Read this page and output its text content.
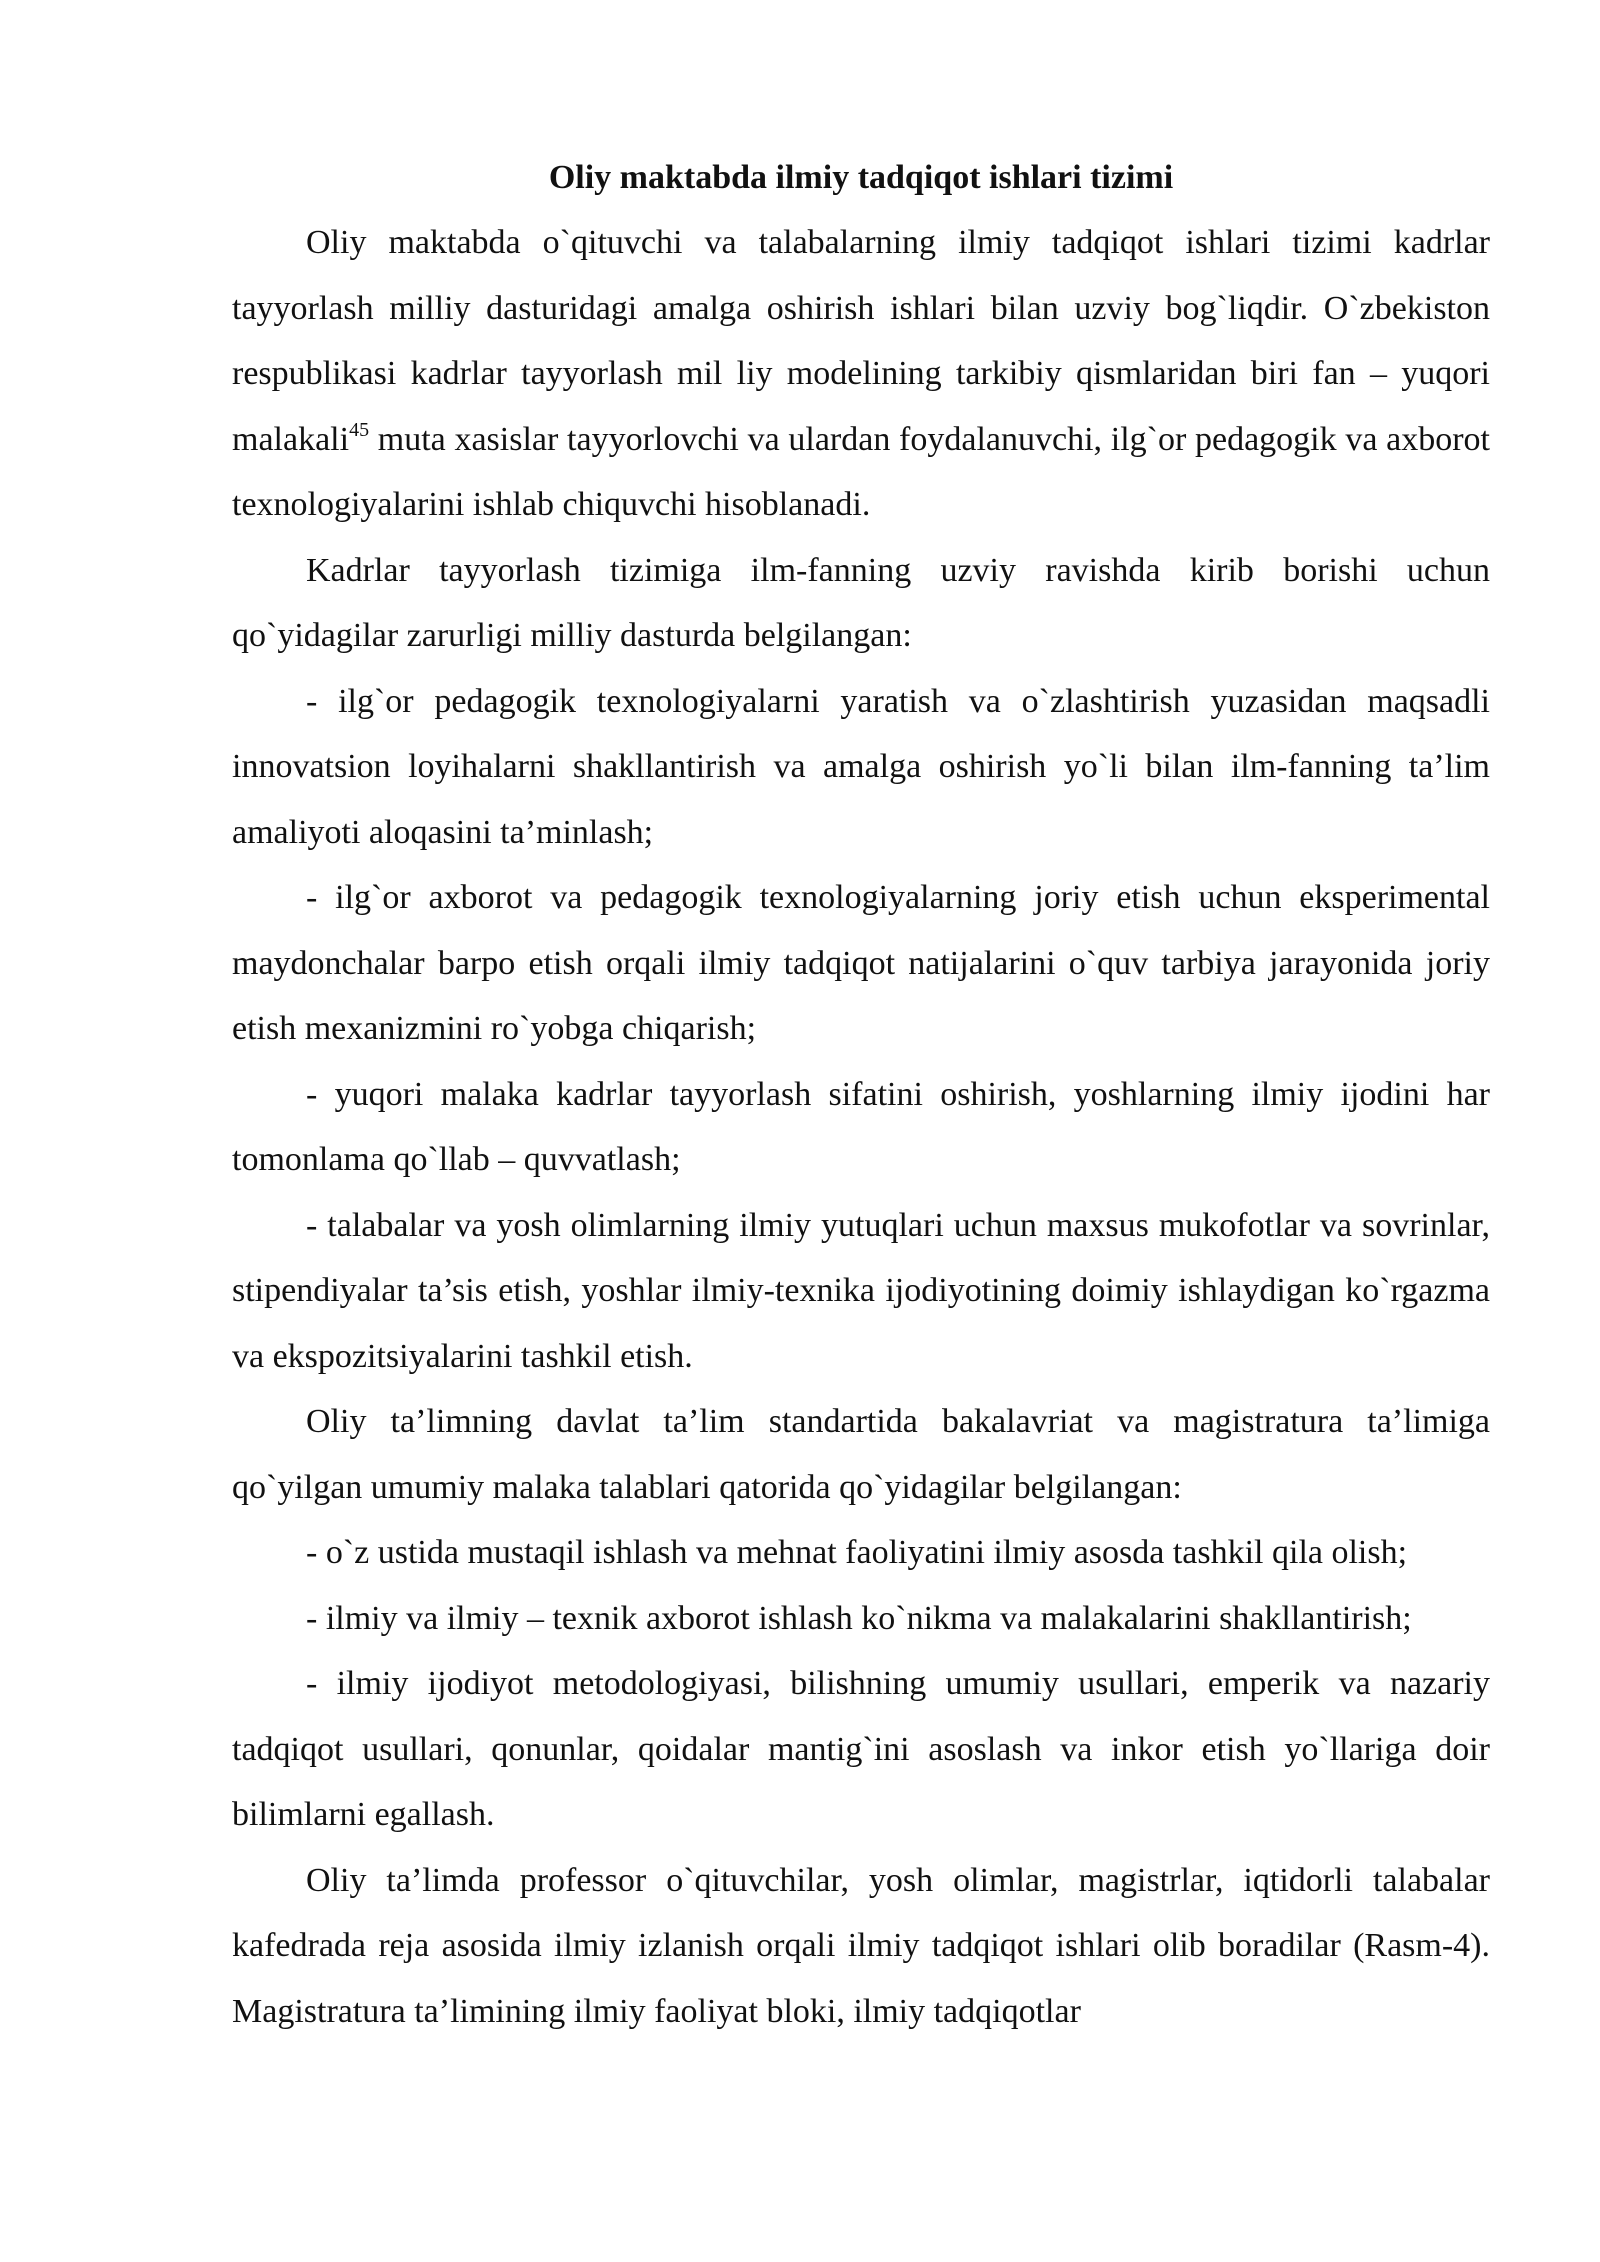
Oliy maktabda ilmiy tadqiqot ishlari tizimi

Oliy maktabda o`qituvchi va talabalarning ilmiy tadqiqot ishlari tizimi kadrlar tayyorlash milliy dasturidagi amalga oshirish ishlari bilan uzviy bog`liqdir. O`zbekiston respublikasi kadrlar tayyorlash mil liy modelining tarkibiy qismlaridan biri fan – yuqori malakali$^{45}$ muta xasislar tayyorlovchi va ulardan foydalanuvchi, ilg`or pedagogik va axborot texnologiyalarini ishlab chiquvchi hisoblanadi.

Kadrlar tayyorlash tizimiga ilm-fanning uzviy ravishda kirib borishi uchun qo`yidagilar zarurligi milliy dasturda belgilangan:

- ilg`or pedagogik texnologiyalarni yaratish va o`zlashtirish yuzasidan maqsadli innovatsion loyihalarni shakllantirish va amalga oshirish yo`li bilan ilm-fanning ta’lim amaliyoti aloqasini ta’minlash;

- ilg`or axborot va pedagogik texnologiyalarning joriy etish uchun eksperimental maydonchalar barpo etish orqali ilmiy tadqiqot natijalarini o`quv tarbiya jarayonida joriy etish mexanizmini ro`yobga chiqarish;

- yuqori malaka kadrlar tayyorlash sifatini oshirish, yoshlarning ilmiy ijodini har tomonlama qo`llab – quvvatlash;

- talabalar va yosh olimlarning ilmiy yutuqlari uchun maxsus mukofotlar va sovrinlar, stipendiyalar ta’sis etish, yoshlar ilmiy-texnika ijodiyotining doimiy ishlaydigan ko`rgazma va ekspozitsiyalarini tashkil etish.

Oliy ta’limning davlat ta’lim standartida bakalavriat va magistratura ta’limiga qo`yilgan umumiy malaka talablari qatorida qo`yidagilar belgilangan:

- o`z ustida mustaqil ishlash va mehnat faoliyatini ilmiy asosda tashkil qila olish;

- ilmiy va ilmiy – texnik axborot ishlash ko`nikma va malakalarini shakllantirish;

- ilmiy ijodiyot metodologiyasi, bilishning umumiy usullari, emperik va nazariy tadqiqot usullari, qonunlar, qoidalar mantig`ini asoslash va inkor etish yo`llariga doir bilimlarni egallash.

Oliy ta’limda professor o`qituvchilar, yosh olimlar, magistrlar, iqtidorli talabalar kafedrada reja asosida ilmiy izlanish orqali ilmiy tadqiqot ishlari olib boradilar (Rasm-4). Magistratura ta’limining ilmiy faoliyat bloki, ilmiy tadqiqotlar
